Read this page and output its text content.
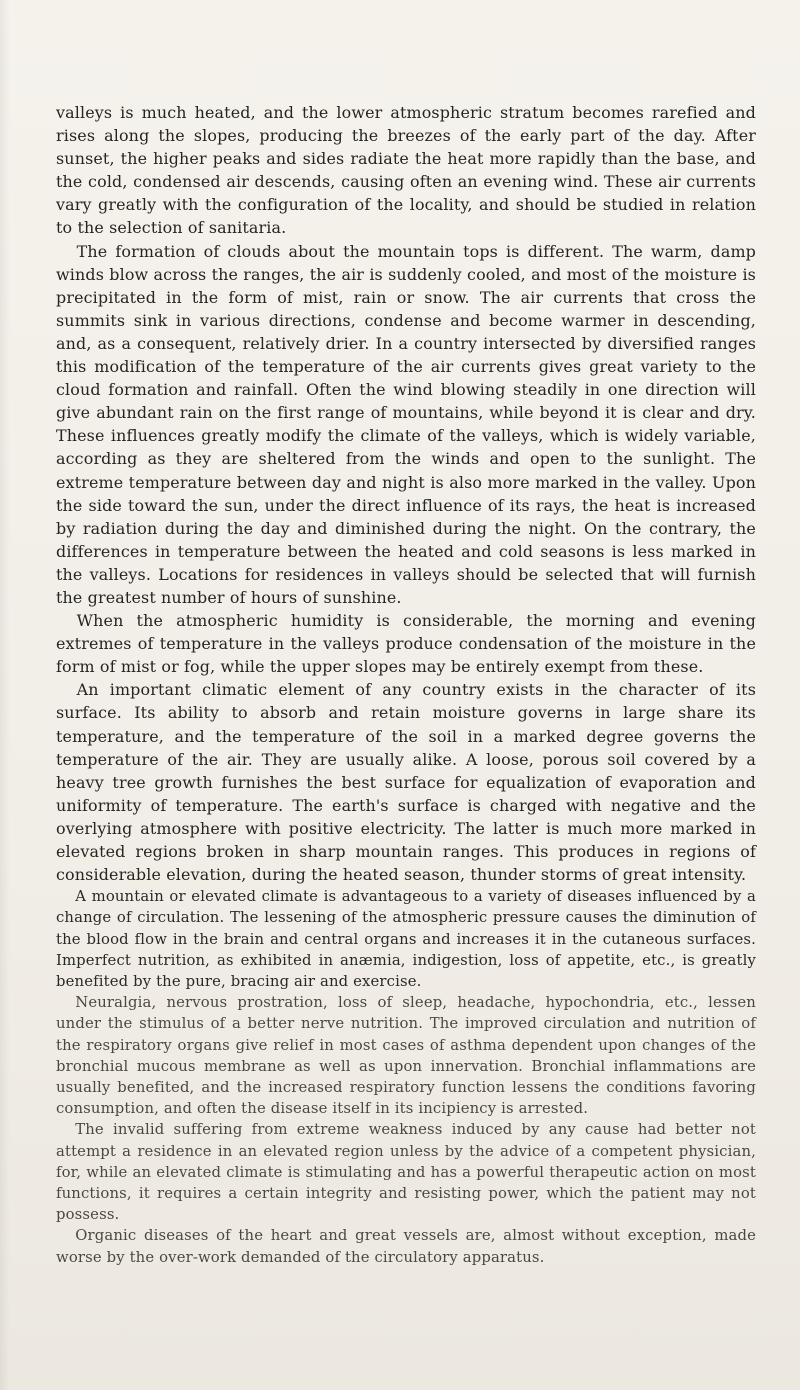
valleys is much heated, and the lower atmospheric stratum becomes rarefied and rises along the slopes, producing the breezes of the early part of the day. After sunset, the higher peaks and sides radiate the heat more rapidly than the base, and the cold, condensed air descends, causing often an evening wind. These air currents vary greatly with the configuration of the locality, and should be studied in relation to the selection of sanitaria.

The formation of clouds about the mountain tops is different. The warm, damp winds blow across the ranges, the air is suddenly cooled, and most of the moisture is precipitated in the form of mist, rain or snow. The air currents that cross the summits sink in various directions, condense and become warmer in descending, and, as a consequent, relatively drier. In a country intersected by diversified ranges this modification of the temperature of the air currents gives great variety to the cloud formation and rainfall. Often the wind blowing steadily in one direction will give abundant rain on the first range of mountains, while beyond it is clear and dry. These influences greatly modify the climate of the valleys, which is widely variable, according as they are sheltered from the winds and open to the sunlight. The extreme temperature between day and night is also more marked in the valley. Upon the side toward the sun, under the direct influence of its rays, the heat is increased by radiation during the day and diminished during the night. On the contrary, the differences in temperature between the heated and cold seasons is less marked in the valleys. Locations for residences in valleys should be selected that will furnish the greatest number of hours of sunshine.

When the atmospheric humidity is considerable, the morning and evening extremes of temperature in the valleys produce condensation of the moisture in the form of mist or fog, while the upper slopes may be entirely exempt from these.

An important climatic element of any country exists in the character of its surface. Its ability to absorb and retain moisture governs in large share its temperature, and the temperature of the soil in a marked degree governs the temperature of the air. They are usually alike. A loose, porous soil covered by a heavy tree growth furnishes the best surface for equalization of evaporation and uniformity of temperature. The earth's surface is charged with negative and the overlying atmosphere with positive electricity. The latter is much more marked in elevated regions broken in sharp mountain ranges. This produces in regions of considerable elevation, during the heated season, thunder storms of great intensity.

A mountain or elevated climate is advantageous to a variety of diseases influenced by a change of circulation. The lessening of the atmospheric pressure causes the diminution of the blood flow in the brain and central organs and increases it in the cutaneous surfaces. Imperfect nutrition, as exhibited in anæmia, indigestion, loss of appetite, etc., is greatly benefited by the pure, bracing air and exercise.

Neuralgia, nervous prostration, loss of sleep, headache, hypochondria, etc., lessen under the stimulus of a better nerve nutrition. The improved circulation and nutrition of the respiratory organs give relief in most cases of asthma dependent upon changes of the bronchial mucous membrane as well as upon innervation. Bronchial inflammations are usually benefited, and the increased respiratory function lessens the conditions favoring consumption, and often the disease itself in its incipiency is arrested.

The invalid suffering from extreme weakness induced by any cause had better not attempt a residence in an elevated region unless by the advice of a competent physician, for, while an elevated climate is stimulating and has a powerful therapeutic action on most functions, it requires a certain integrity and resisting power, which the patient may not possess.

Organic diseases of the heart and great vessels are, almost without exception, made worse by the over-work demanded of the circulatory apparatus.
